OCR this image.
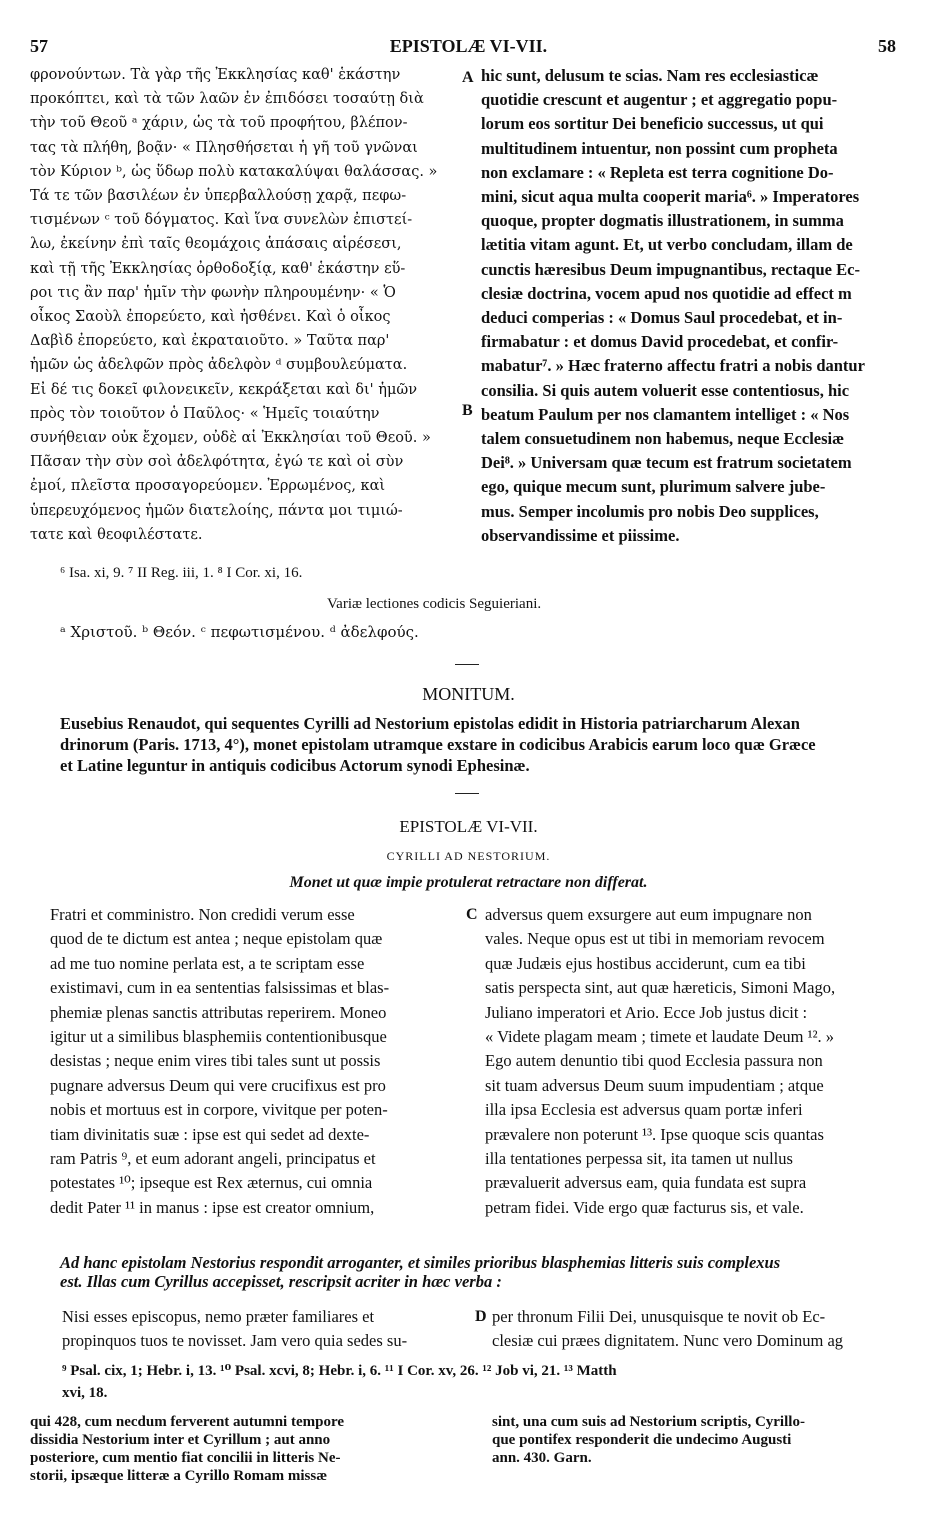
57	EPISTOLÆ VI-VII.	58
φρονούντων. Τὰ γὰρ τῆς Ἐκκλησίας καθ' ἑκάστην
προκόπτει, καὶ τὰ τῶν λαῶν ἐν ἐπιδόσει τοσαύτῃ διὰ
τὴν τοῦ Θεοῦ ᵃ χάριν, ὡς τὰ τοῦ προφήτου, βλέπον-
τας τὰ πλήθη, βοᾷν· « Πλησθήσεται ἡ γῆ τοῦ γνῶναι
τὸν Κύριον ᵇ, ὡς ὕδωρ πολὺ κατακαλύψαι θαλάσσας. »
Τά τε τῶν βασιλέων ἐν ὑπερβαλλούσῃ χαρᾷ, πεφω-
τισμένων ᶜ τοῦ δόγματος. Καὶ ἵνα συνελὼν ἐπιστεί-
λω, ἐκείνην ἐπὶ ταῖς θεομάχοις ἁπάσαις αἱρέσεσι,
καὶ τῇ τῆς Ἐκκλησίας ὀρθοδοξίᾳ, καθ' ἑκάστην εὕ-
ροι τις ἂν παρ' ἡμῖν τὴν φωνὴν πληρουμένην· « Ὁ
οἶκος Σαοὺλ ἐπορεύετο, καὶ ἠσθένει. Καὶ ὁ οἶκος
Δαβὶδ ἐπορεύετο, καὶ ἐκραταιοῦτο. » Ταῦτα παρ'
ἡμῶν ὡς ἀδελφῶν πρὸς ἀδελφὸν ᵈ συμβουλεύματα.
Εἰ δέ τις δοκεῖ φιλονεικεῖν, κεκράξεται καὶ δι' ἡμῶν
πρὸς τὸν τοιοῦτον ὁ Παῦλος· « Ἡμεῖς τοιαύτην
συνήθειαν οὐκ ἔχομεν, οὐδὲ αἱ Ἐκκλησίαι τοῦ Θεοῦ. »
Πᾶσαν τὴν σὺν σοὶ ἀδελφότητα, ἐγώ τε καὶ οἱ σὺν
ἐμοί, πλεῖστα προσαγορεύομεν. Ἐρρωμένος, καὶ
ὑπερευχόμενος ἡμῶν διατελοίης, πάντα μοι τιμιώ-
τατε καὶ θεοφιλέστατε.
A
B
hic sunt, delusum te scias. Nam res ecclesiasticæ
quotidie crescunt et augentur ; et aggregatio popu-
lorum eos sortitur Dei beneficio successus, ut qui
multitudinem intuentur, non possint cum propheta
non exclamare : « Repleta est terra cognitione Do-
mini, sicut aqua multa cooperit maria⁶. » Imperatores
quoque, propter dogmatis illustrationem, in summa
lætitia vitam agunt. Et, ut verbo concludam, illam de
cunctis hæresibus Deum impugnantibus, rectaque Ec-
clesiæ doctrina, vocem apud nos quotidie ad effect m
deduci comperias : « Domus Saul procedebat, et in-
firmabatur : et domus David procedebat, et confir-
mabatur⁷. » Hæc fraterno affectu fratri a nobis dantur
consilia. Si quis autem voluerit esse contentiosus, hic
beatum Paulum per nos clamantem intelliget : « Nos
talem consuetudinem non habemus, neque Ecclesiæ
Dei⁸. » Universam quæ tecum est fratrum societatem
ego, quique mecum sunt, plurimum salvere jube-
mus. Semper incolumis pro nobis Deo supplices,
observandissime et piissime.
⁶ Isa. xi, 9. ⁷ II Reg. iii, 1. ⁸ I Cor. xi, 16.
Variæ lectiones codicis Seguieriani.
ᵃ Χριστοῦ. ᵇ Θεόν. ᶜ πεφωτισμένου. ᵈ ἀδελφούς.
MONITUM.
Eusebius Renaudot, qui sequentes Cyrilli ad Nestorium epistolas edidit in Historia patriarcharum Alexan
drinorum (Paris. 1713, 4°), monet epistolam utramque exstare in codicibus Arabicis earum loco quæ Græce
et Latine leguntur in antiquis codicibus Actorum synodi Ephesinæ.
EPISTOLÆ VI-VII.
CYRILLI AD NESTORIUM.
Monet ut quæ impie protulerat retractare non differat.
Fratri et comministro. Non credidi verum esse
quod de te dictum est antea ; neque epistolam quæ
ad me tuo nomine perlata est, a te scriptam esse
existimavi, cum in ea sententias falsissimas et blas-
phemiæ plenas sanctis attributas reperirem. Moneo
igitur ut a similibus blasphemiis contentionibusque
desistas ; neque enim vires tibi tales sunt ut possis
pugnare adversus Deum qui vere crucifixus est pro
nobis et mortuus est in corpore, vivitque per poten-
tiam divinitatis suæ : ipse est qui sedet ad dexte-
ram Patris ⁹, et eum adorant angeli, principatus et
potestates ¹⁰; ipseque est Rex æternus, cui omnia
dedit Pater ¹¹ in manus : ipse est creator omnium,
C adversus quem exsurgere aut eum impugnare non
vales. Neque opus est ut tibi in memoriam revocem
quæ Judæis ejus hostibus acciderunt, cum ea tibi
satis perspecta sint, aut quæ hæreticis, Simoni Mago,
Juliano imperatori et Ario. Ecce Job justus dicit :
« Videte plagam meam ; timete et laudate Deum ¹². »
Ego autem denuntio tibi quod Ecclesia passura non
sit tuam adversus Deum suum impudentiam ; atque
illa ipsa Ecclesia est adversus quam portæ inferi
prævalere non poterunt ¹³. Ipse quoque scis quantas
illa tentationes perpessa sit, ita tamen ut nullus
prævaluerit adversus eam, quia fundata est supra
petram fidei. Vide ergo quæ facturus sis, et vale.
Ad hanc epistolam Nestorius respondit arroganter, et similes prioribus blasphemias litteris suis complexus
est. Illas cum Cyrillus accepisset, rescripsit acriter in hæc verba :
Nisi esses episcopus, nemo præter familiares et
propinquos tuos te novisset. Jam vero quia sedes su-
D per thronum Filii Dei, unusquisque te novit ob Ec-
clesiæ cui præes dignitatem. Nunc vero Dominum ag
⁹ Psal. cix, 1; Hebr. i, 13. ¹⁰ Psal. xcvi, 8; Hebr. i, 6. ¹¹ I Cor. xv, 26. ¹² Job vi, 21. ¹³ Matth
xvi, 18.
qui 428, cum necdum ferverent autumni tempore
dissidia Nestorium inter et Cyrillum ; aut anno
posteriore, cum mentio fiat concilii in litteris Ne-
storii, ipsæque litteræ a Cyrillo Romam missæ
sint, una cum suis ad Nestorium scriptis, Cyrillo-
que pontifex responderit die undecimo Augusti
ann. 430. Garn.
